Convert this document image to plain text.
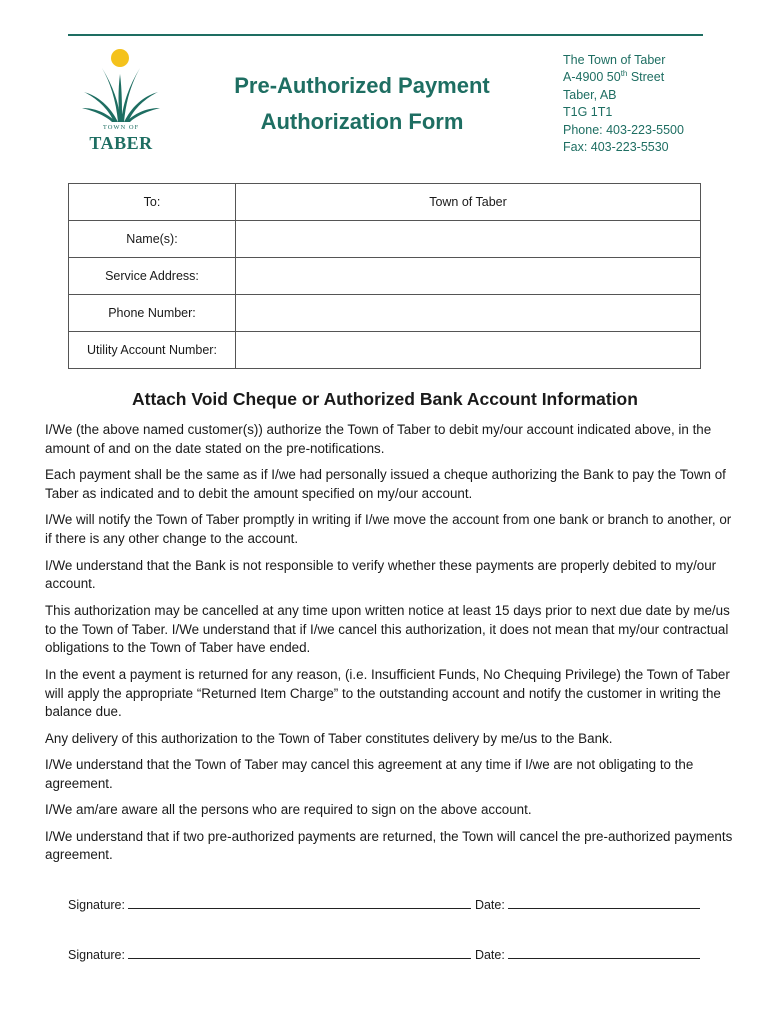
TOWN OF
TABER
Pre-Authorized Payment
Authorization Form
The Town of Taber
A-4900 50th Street
Taber, AB
T1G 1T1
Phone: 403-223-5500
Fax: 403-223-5530
To:	Town of Taber
Name(s):	
Service Address:	
Phone Number:	
Utility Account Number:	
Attach Void Cheque or Authorized Bank Account Information

I/We (the above named customer(s)) authorize the Town of Taber to debit my/our account indicated above, in the amount of and on the date stated on the pre-notifications.

Each payment shall be the same as if I/we had personally issued a cheque authorizing the Bank to pay the Town of Taber as indicated and to debit the amount specified on my/our account.

I/We will notify the Town of Taber promptly in writing if I/we move the account from one bank or branch to another, or if there is any other change to the account.

I/We understand that the Bank is not responsible to verify whether these payments are properly debited to my/our account.

This authorization may be cancelled at any time upon written notice at least 15 days prior to next due date by me/us to the Town of Taber. I/We understand that if I/we cancel this authorization, it does not mean that my/our contractual obligations to the Town of Taber have ended.

In the event a payment is returned for any reason, (i.e. Insufficient Funds, No Chequing Privilege) the Town of Taber will apply the appropriate “Returned Item Charge” to the outstanding account and notify the customer in writing the balance due.

Any delivery of this authorization to the Town of Taber constitutes delivery by me/us to the Bank.

I/We understand that the Town of Taber may cancel this agreement at any time if I/we are not obligating to the agreement.

I/We am/are aware all the persons who are required to sign on the above account.

I/We understand that if two pre-authorized payments are returned, the Town will cancel the pre-authorized payments agreement.

Signature:	Date:
Signature:	Date:
